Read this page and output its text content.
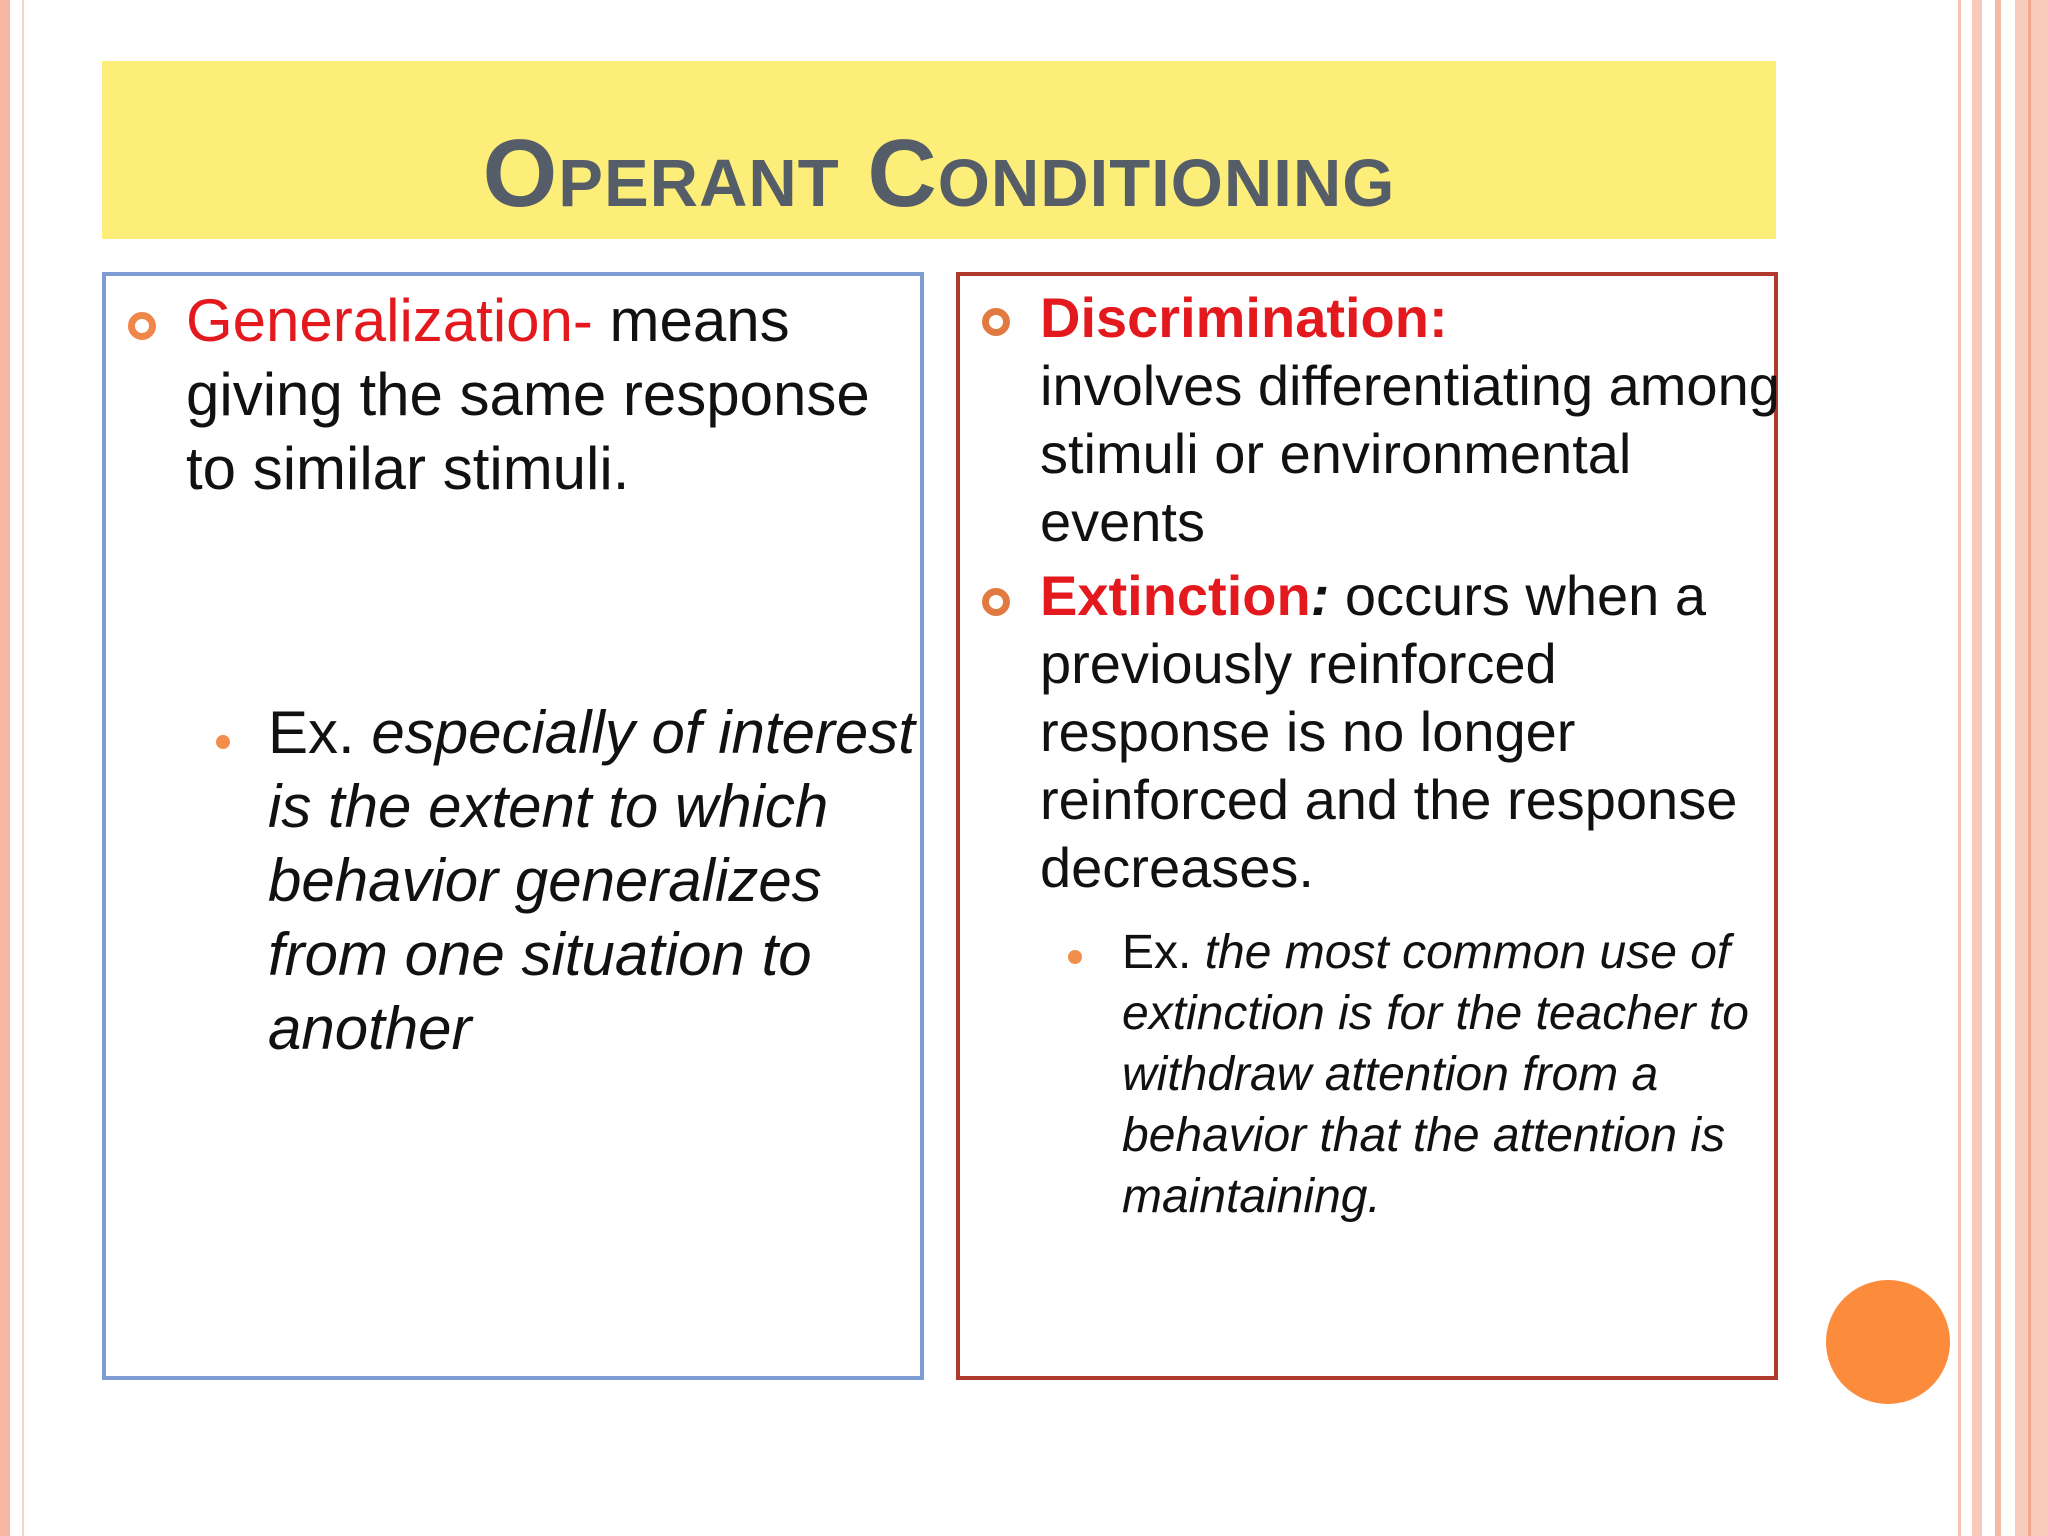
Operant Conditioning
Generalization- means giving the same response to similar stimuli.
Ex. especially of interest is the extent to which behavior generalizes from one situation to another
Discrimination:
involves differentiating among stimuli or environmental events
Extinction: occurs when a previously reinforced response is no longer reinforced and the response decreases.
Ex. the most common use of extinction is for the teacher to withdraw attention from a behavior that the attention is maintaining.
